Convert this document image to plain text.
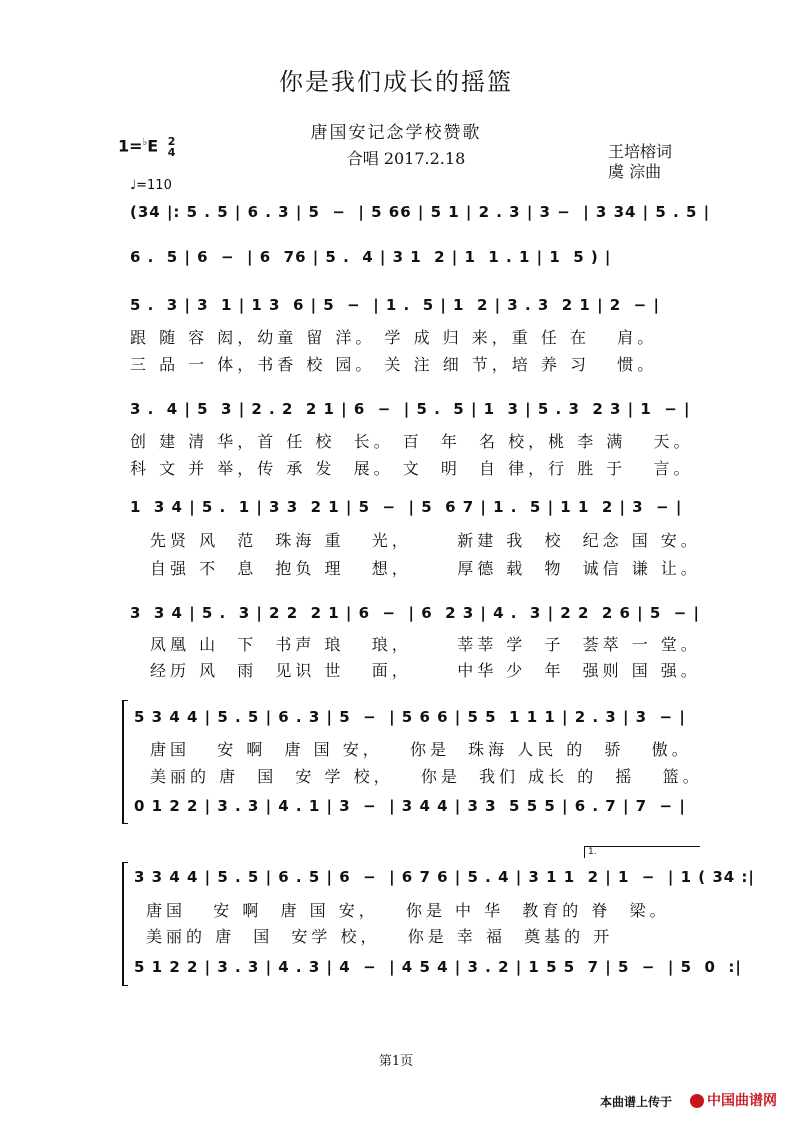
你是我们成长的摇篮
唐国安记念学校赞歌
合唱 2017.2.18
1=♭E 2
4	王培榕词
虞 淙曲
♩=110
(34 |: 5 . 5 | 6 . 3 | 5  −  | 5 66 | 5 1 | 2 . 3 | 3 −  | 3 34 | 5 . 5 |
6 .  5 | 6  −  | 6  76 | 5 .  4 | 3 1  2 | 1  1 . 1 | 1  5 ) |
5 .  3 | 3  1 | 1 3  6 | 5  −  | 1 .  5 | 1  2 | 3 . 3  2 1 | 2  − |
跟 随 容 闳，幼童 留 洋。 学 成 归 来，重 任 在   肩。
三 品 一 体，书香 校 园。 关 注 细 节，培 养 习   惯。
3 .  4 | 5  3 | 2 . 2  2 1 | 6  −  | 5 .  5 | 1  3 | 5 . 3  2 3 | 1  − |
创 建 清 华，首 任 校  长。 百  年  名 校，桃 李 满   天。
科 文 并 举，传 承 发  展。 文  明  自 律，行 胜 于   言。
1  3 4 | 5 .  1 | 3 3  2 1 | 5  −  | 5  6 7 | 1 .  5 | 1 1  2 | 3  − |
先贤 风  范  珠海 重   光，     新建 我  校  纪念 国 安。
自强 不  息  抱负 理   想，     厚德 载  物  诚信 谦 让。
3  3 4 | 5 .  3 | 2 2  2 1 | 6  −  | 6  2 3 | 4 .  3 | 2 2  2 6 | 5  − |
凤凰 山  下  书声 琅   琅，     莘莘 学  子  荟萃 一 堂。
经历 风  雨  见识 世   面，     中华 少  年  强则 国 强。
5 3 4 4 | 5 . 5 | 6 . 3 | 5  −  | 5 6 6 | 5 5  1 1 1 | 2 . 3 | 3  − |
唐国   安 啊  唐 国 安，   你是  珠海 人民 的  骄   傲。
美丽的 唐  国  安 学 校，   你是  我们 成长 的  摇   篮。
0 1 2 2 | 3 . 3 | 4 . 1 | 3  −  | 3 4 4 | 3 3  5 5 5 | 6 . 7 | 7  − |
1.
3 3 4 4 | 5 . 5 | 6 . 5 | 6  −  | 6 7 6 | 5 . 4 | 3 1 1  2 | 1  −  | 1 ( 34 :|
唐国   安 啊  唐 国 安，   你是 中 华  教育的 脊  梁。
美丽的 唐  国  安学 校，   你是 幸 福  奠基的 开
5 1 2 2 | 3 . 3 | 4 . 3 | 4  −  | 4 5 4 | 3 . 2 | 1 5 5  7 | 5  −  | 5  0  :|
第1页
本曲谱上传于	中国曲谱网
